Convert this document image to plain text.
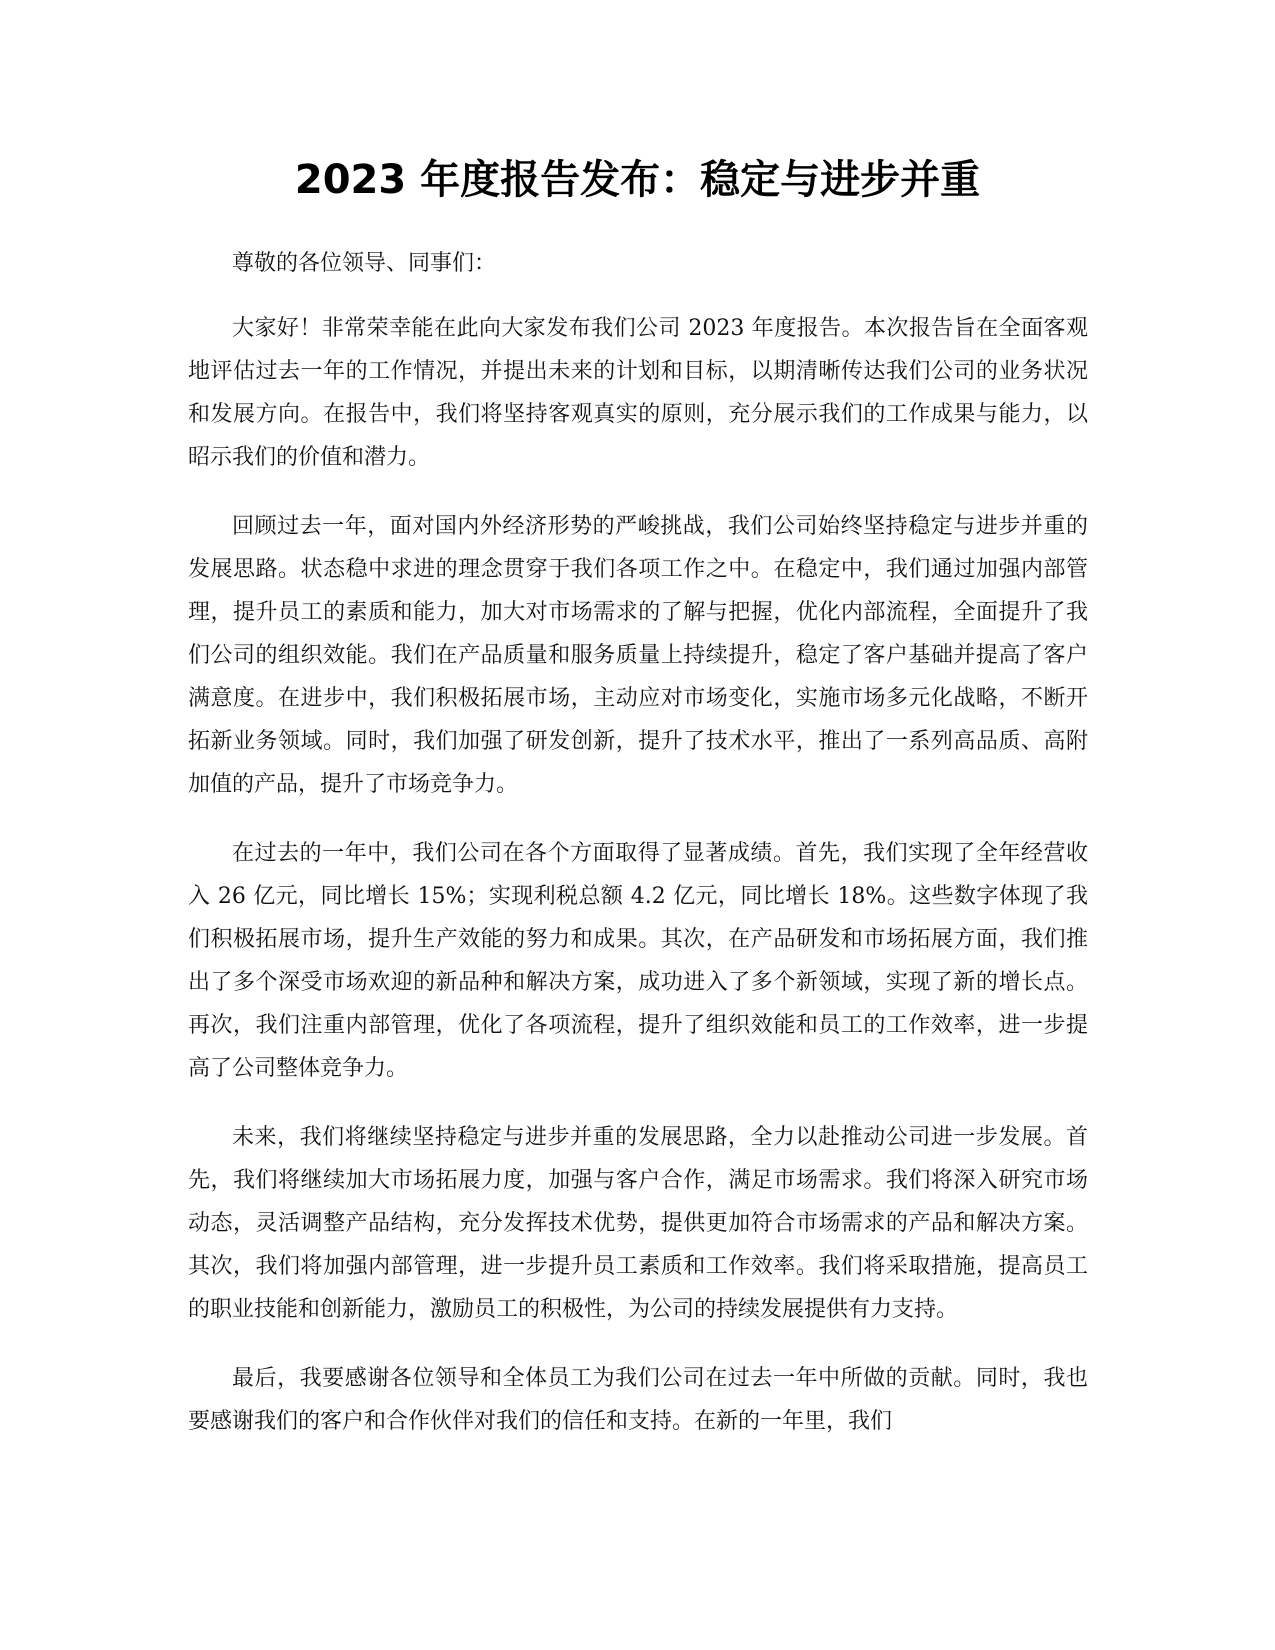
2023 年度报告发布：稳定与进步并重

尊敬的各位领导、同事们：

大家好！非常荣幸能在此向大家发布我们公司 2023 年度报告。本次报告旨在全面客观地评估过去一年的工作情况，并提出未来的计划和目标，以期清晰传达我们公司的业务状况和发展方向。在报告中，我们将坚持客观真实的原则，充分展示我们的工作成果与能力，以昭示我们的价值和潜力。

回顾过去一年，面对国内外经济形势的严峻挑战，我们公司始终坚持稳定与进步并重的发展思路。状态稳中求进的理念贯穿于我们各项工作之中。在稳定中，我们通过加强内部管理，提升员工的素质和能力，加大对市场需求的了解与把握，优化内部流程，全面提升了我们公司的组织效能。我们在产品质量和服务质量上持续提升，稳定了客户基础并提高了客户满意度。在进步中，我们积极拓展市场，主动应对市场变化，实施市场多元化战略，不断开拓新业务领域。同时，我们加强了研发创新，提升了技术水平，推出了一系列高品质、高附加值的产品，提升了市场竞争力。

在过去的一年中，我们公司在各个方面取得了显著成绩。首先，我们实现了全年经营收入 26 亿元，同比增长 15%；实现利税总额 4.2 亿元，同比增长 18%。这些数字体现了我们积极拓展市场，提升生产效能的努力和成果。其次，在产品研发和市场拓展方面，我们推出了多个深受市场欢迎的新品种和解决方案，成功进入了多个新领域，实现了新的增长点。再次，我们注重内部管理，优化了各项流程，提升了组织效能和员工的工作效率，进一步提高了公司整体竞争力。

未来，我们将继续坚持稳定与进步并重的发展思路，全力以赴推动公司进一步发展。首先，我们将继续加大市场拓展力度，加强与客户合作，满足市场需求。我们将深入研究市场动态，灵活调整产品结构，充分发挥技术优势，提供更加符合市场需求的产品和解决方案。其次，我们将加强内部管理，进一步提升员工素质和工作效率。我们将采取措施，提高员工的职业技能和创新能力，激励员工的积极性，为公司的持续发展提供有力支持。

最后，我要感谢各位领导和全体员工为我们公司在过去一年中所做的贡献。同时，我也要感谢我们的客户和合作伙伴对我们的信任和支持。在新的一年里，我们
